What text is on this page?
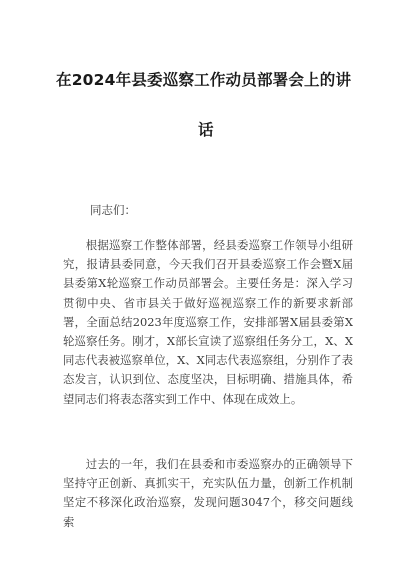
在2024年县委巡察工作动员部署会上的讲
话
同志们：
根据巡察工作整体部署，经县委巡察工作领导小组研究，报请县委同意，今天我们召开县委巡察工作会暨X届县委第X轮巡察工作动员部署会。主要任务是：深入学习贯彻中央、省市县关于做好巡视巡察工作的新要求新部署，全面总结2023年度巡察工作，安排部署X届县委第X轮巡察任务。刚才，X部长宣读了巡察组任务分工，X、X同志代表被巡察单位，X、X同志代表巡察组，分别作了表态发言，认识到位、态度坚决，目标明确、措施具体，希望同志们将表态落实到工作中、体现在成效上。
过去的一年，我们在县委和市委巡察办的正确领导下坚持守正创新、真抓实干，充实队伍力量，创新工作机制坚定不移深化政治巡察，发现问题3047个，移交问题线索
